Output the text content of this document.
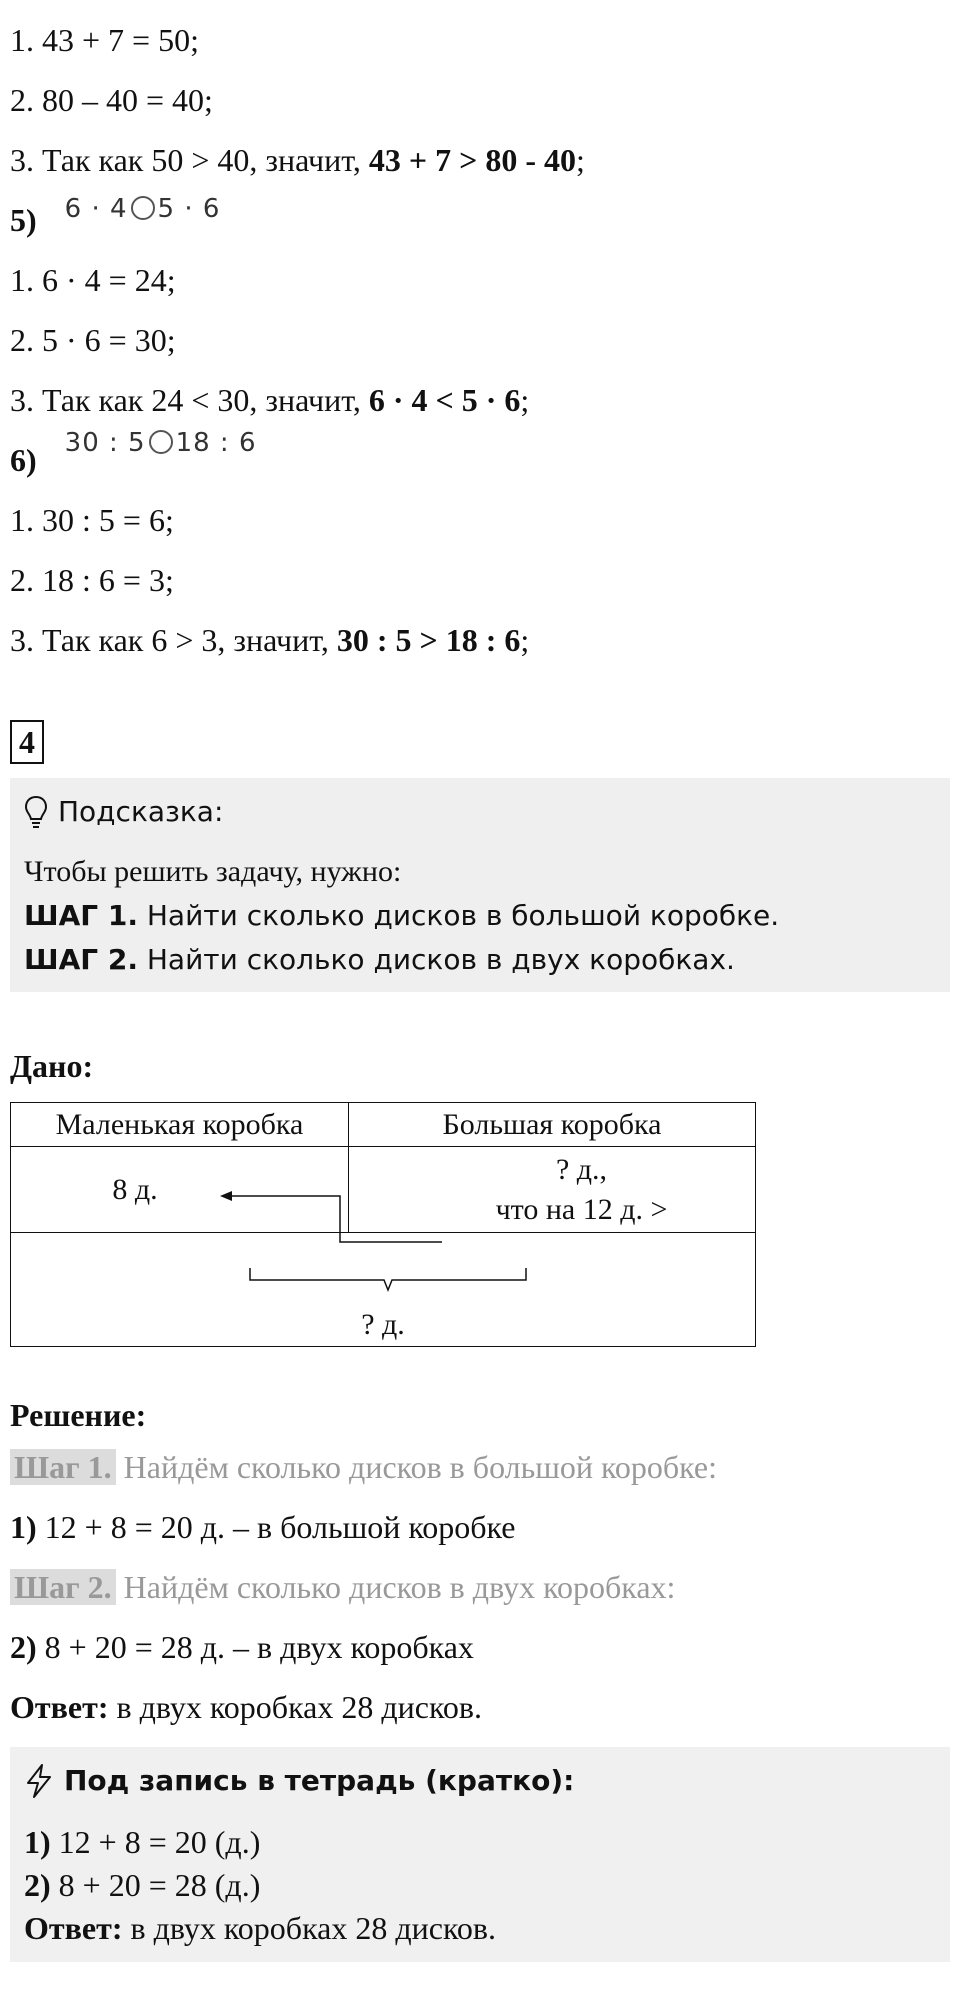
1. 43 + 7 = 50;
2. 80 – 40 = 40;
3. Так как 50 > 40, значит, 43 + 7 > 80 - 40;
5) $^{6 \cdot 4 5 \cdot 6}$
1. 6 · 4 = 24;
2. 5 · 6 = 30;
3. Так как 24 < 30, значит, 6 · 4 < 5 · 6;
6) $^{30 : 5 18 : 6}$
1. 30 : 5 = 6;
2. 18 : 6 = 3;
3. Так как 6 > 3, значит, 30 : 5 > 18 : 6;
4
Подсказка:
Чтобы решить задачу, нужно:
ШАГ 1. Найти сколько дисков в большой коробке.
ШАГ 2. Найти сколько дисков в двух коробках.
Дано:
Маленькая коробка	Большая коробка
8 д.	? д.,
что на 12 д. >

? д.	
Решение:
Шаг 1. Найдём сколько дисков в большой коробке:
1) 12 + 8 = 20 д. – в большой коробке
Шаг 2. Найдём сколько дисков в двух коробках:
2) 8 + 20 = 28 д. – в двух коробках
Ответ: в двух коробках 28 дисков.
Под запись в тетрадь (кратко):
1) 12 + 8 = 20 (д.)
2) 8 + 20 = 28 (д.)
Ответ: в двух коробках 28 дисков.
